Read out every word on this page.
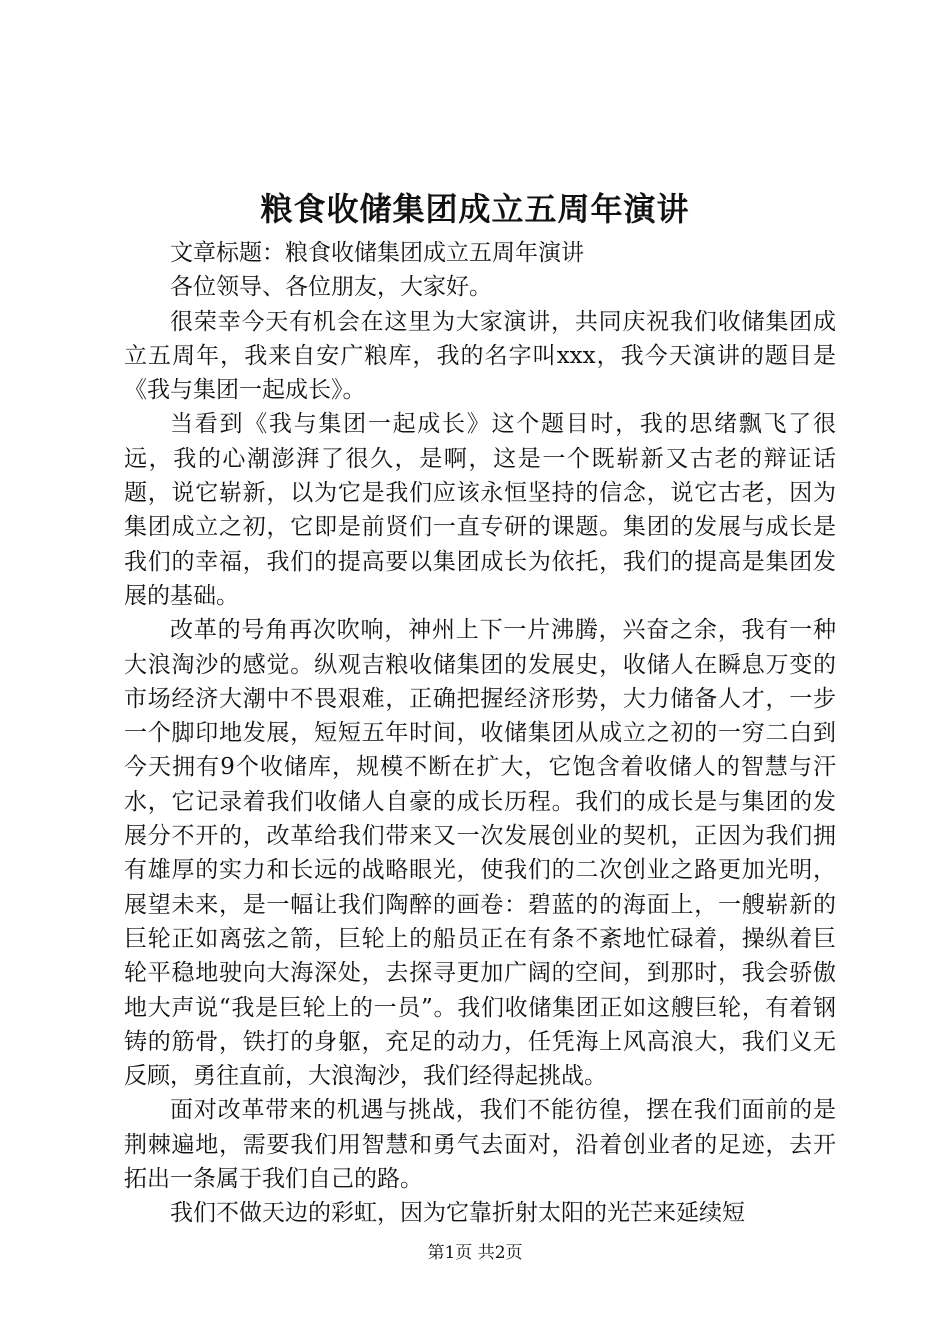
粮食收储集团成立五周年演讲

文章标题：粮食收储集团成立五周年演讲

各位领导、各位朋友，大家好。

很荣幸今天有机会在这里为大家演讲，共同庆祝我们收储集团成立五周年，我来自安广粮库，我的名字叫xxx，我今天演讲的题目是《我与集团一起成长》。

当看到《我与集团一起成长》这个题目时，我的思绪飘飞了很远，我的心潮澎湃了很久，是啊，这是一个既崭新又古老的辩证话题，说它崭新，以为它是我们应该永恒坚持的信念，说它古老，因为集团成立之初，它即是前贤们一直专研的课题。集团的发展与成长是我们的幸福，我们的提高要以集团成长为依托，我们的提高是集团发展的基础。

改革的号角再次吹响，神州上下一片沸腾，兴奋之余，我有一种大浪淘沙的感觉。纵观吉粮收储集团的发展史，收储人在瞬息万变的市场经济大潮中不畏艰难，正确把握经济形势，大力储备人才，一步一个脚印地发展，短短五年时间，收储集团从成立之初的一穷二白到今天拥有9个收储库，规模不断在扩大，它饱含着收储人的智慧与汗水，它记录着我们收储人自豪的成长历程。我们的成长是与集团的发展分不开的，改革给我们带来又一次发展创业的契机，正因为我们拥有雄厚的实力和长远的战略眼光，使我们的二次创业之路更加光明，展望未来，是一幅让我们陶醉的画卷：碧蓝的的海面上，一艘崭新的巨轮正如离弦之箭，巨轮上的船员正在有条不紊地忙碌着，操纵着巨轮平稳地驶向大海深处，去探寻更加广阔的空间，到那时，我会骄傲地大声说“我是巨轮上的一员”。我们收储集团正如这艘巨轮，有着钢铸的筋骨，铁打的身躯，充足的动力，任凭海上风高浪大，我们义无反顾，勇往直前，大浪淘沙，我们经得起挑战。

面对改革带来的机遇与挑战，我们不能彷徨，摆在我们面前的是荆棘遍地，需要我们用智慧和勇气去面对，沿着创业者的足迹，去开拓出一条属于我们自己的路。

我们不做天边的彩虹，因为它靠折射太阳的光芒来延续短

第1页 共2页
